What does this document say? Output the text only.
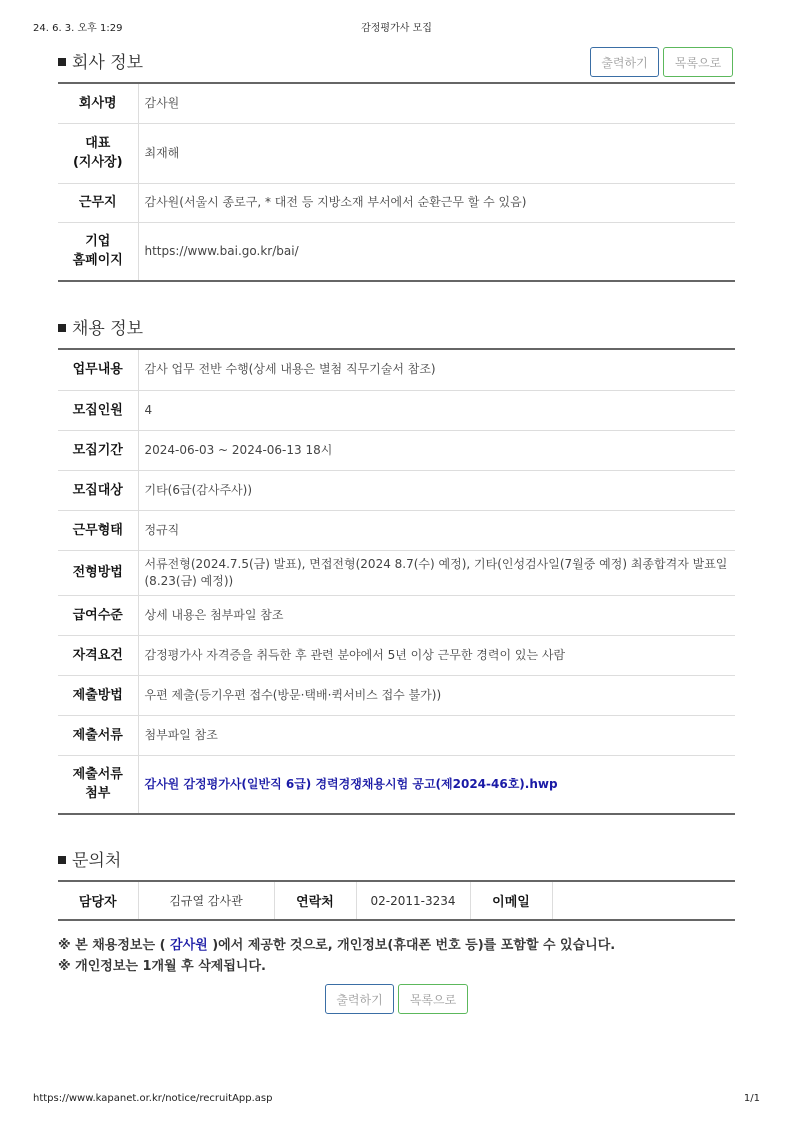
24. 6. 3. 오후 1:29	감정평가사 모집
회사 정보	출력하기	목록으로
회사명	감사원
대표
(지사장)	최재해
근무지	감사원(서울시 종로구, * 대전 등 지방소재 부서에서 순환근무 할 수 있음)
기업
홈페이지	https://www.bai.go.kr/bai/
채용 정보
업무내용	감사 업무 전반 수행(상세 내용은 별첨 직무기술서 참조)
모집인원	4
모집기간	2024-06-03 ~ 2024-06-13 18시
모집대상	기타(6급(감사주사))
근무형태	정규직
전형방법	서류전형(2024.7.5(금) 발표), 면접전형(2024 8.7(수) 예정), 기타(인성검사일(7월중 예정) 최종합격자 발표일(8.23(금) 예정))
급여수준	상세 내용은 첨부파일 참조
자격요건	감정평가사 자격증을 취득한 후 관련 분야에서 5년 이상 근무한 경력이 있는 사람
제출방법	우편 제출(등기우편 접수(방문·택배·퀵서비스 접수 불가))
제출서류	첨부파일 참조
제출서류
첨부	감사원 감정평가사(일반직 6급) 경력경쟁채용시험 공고(제2024-46호).hwp
문의처
담당자	김규열 감사관	연락처	02-2011-3234	이메일	
※ 본 채용정보는 ( 감사원 )에서 제공한 것으로, 개인정보(휴대폰 번호 등)를 포함할 수 있습니다.
※ 개인정보는 1개월 후 삭제됩니다.
출력하기	목록으로
https://www.kapanet.or.kr/notice/recruitApp.asp	1/1
